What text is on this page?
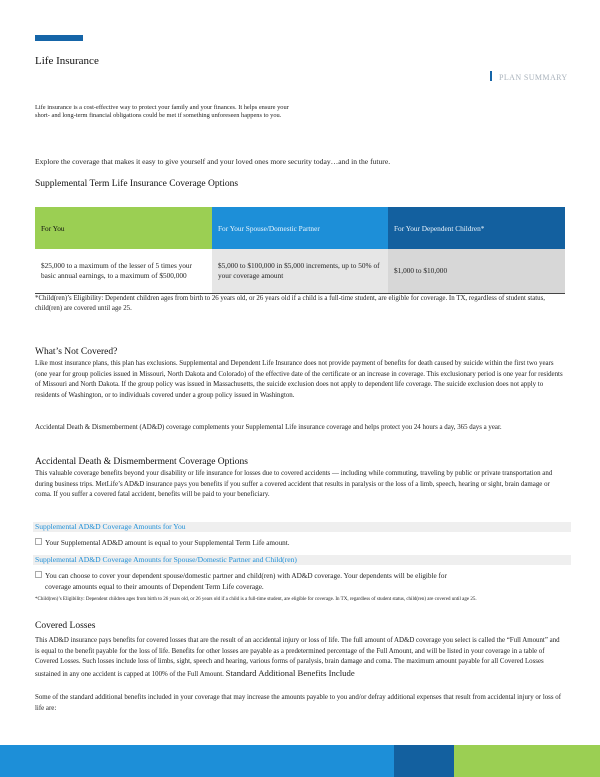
Life Insurance
PLAN SUMMARY
Life insurance is a cost-effective way to protect your family and your finances. It helps ensure your short- and long-term financial obligations could be met if something unforeseen happens to you.
Explore the coverage that makes it easy to give yourself and your loved ones more security today…and in the future.
Supplemental Term Life Insurance Coverage Options
For You	For Your Spouse/Domestic Partner	For Your Dependent Children*
$25,000 to a maximum of the lesser of 5 times your basic annual earnings, to a maximum of $500,000
$5,000 to $100,000 in $5,000 increments, up to 50% of your coverage amount
$1,000 to $10,000
*Child(ren)’s Eligibility: Dependent children ages from birth to 26 years old, or 26 years old if a child is a full-time student, are eligible for coverage. In TX, regardless of student status, child(ren) are covered until age 25.
What’s Not Covered?
Like most insurance plans, this plan has exclusions. Supplemental and Dependent Life Insurance does not provide payment of benefits for death caused by suicide within the first two years (one year for group policies issued in Missouri, North Dakota and Colorado) of the effective date of the certificate or an increase in coverage. This exclusionary period is one year for residents of Missouri and North Dakota. If the group policy was issued in Massachusetts, the suicide exclusion does not apply to dependent life coverage. The suicide exclusion does not apply to residents of Washington, or to individuals covered under a group policy issued in Washington.
Accidental Death & Dismemberment (AD&D) coverage complements your Supplemental Life insurance coverage and helps protect you 24 hours a day, 365 days a year.
Accidental Death & Dismemberment Coverage Options
This valuable coverage benefits beyond your disability or life insurance for losses due to covered accidents — including while commuting, traveling by public or private transportation and during business trips. MetLife’s AD&D insurance pays you benefits if you suffer a covered accident that results in paralysis or the loss of a limb, speech, hearing or sight, brain damage or coma. If you suffer a covered fatal accident, benefits will be paid to your beneficiary.
Supplemental AD&D Coverage Amounts for You
Your Supplemental AD&D amount is equal to your Supplemental Term Life amount.
Supplemental AD&D Coverage Amounts for Spouse/Domestic Partner and Child(ren)
You can choose to cover your dependent spouse/domestic partner and child(ren) with AD&D coverage. Your dependents will be eligible for
coverage amounts equal to their amounts of Dependent Term Life coverage.
*Child(ren)’s Eligibility: Dependent children ages from birth to 26 years old, or 26 years old if a child is a full-time student, are eligible for coverage. In TX, regardless of student status, child(ren) are covered until age 25.
Covered Losses
This AD&D insurance pays benefits for covered losses that are the result of an accidental injury or loss of life. The full amount of AD&D coverage you select is called the “Full Amount” and is equal to the benefit payable for the loss of life. Benefits for other losses are payable as a predetermined percentage of the Full Amount, and will be listed in your coverage in a table of Covered Losses. Such losses include loss of limbs, sight, speech and hearing, various forms of paralysis, brain damage and coma. The maximum amount payable for all Covered Losses sustained in any one accident is capped at 100% of the Full Amount. Standard Additional Benefits Include
Some of the standard additional benefits included in your coverage that may increase the amounts payable to you and/or defray additional expenses that result from accidental injury or loss of life are:
